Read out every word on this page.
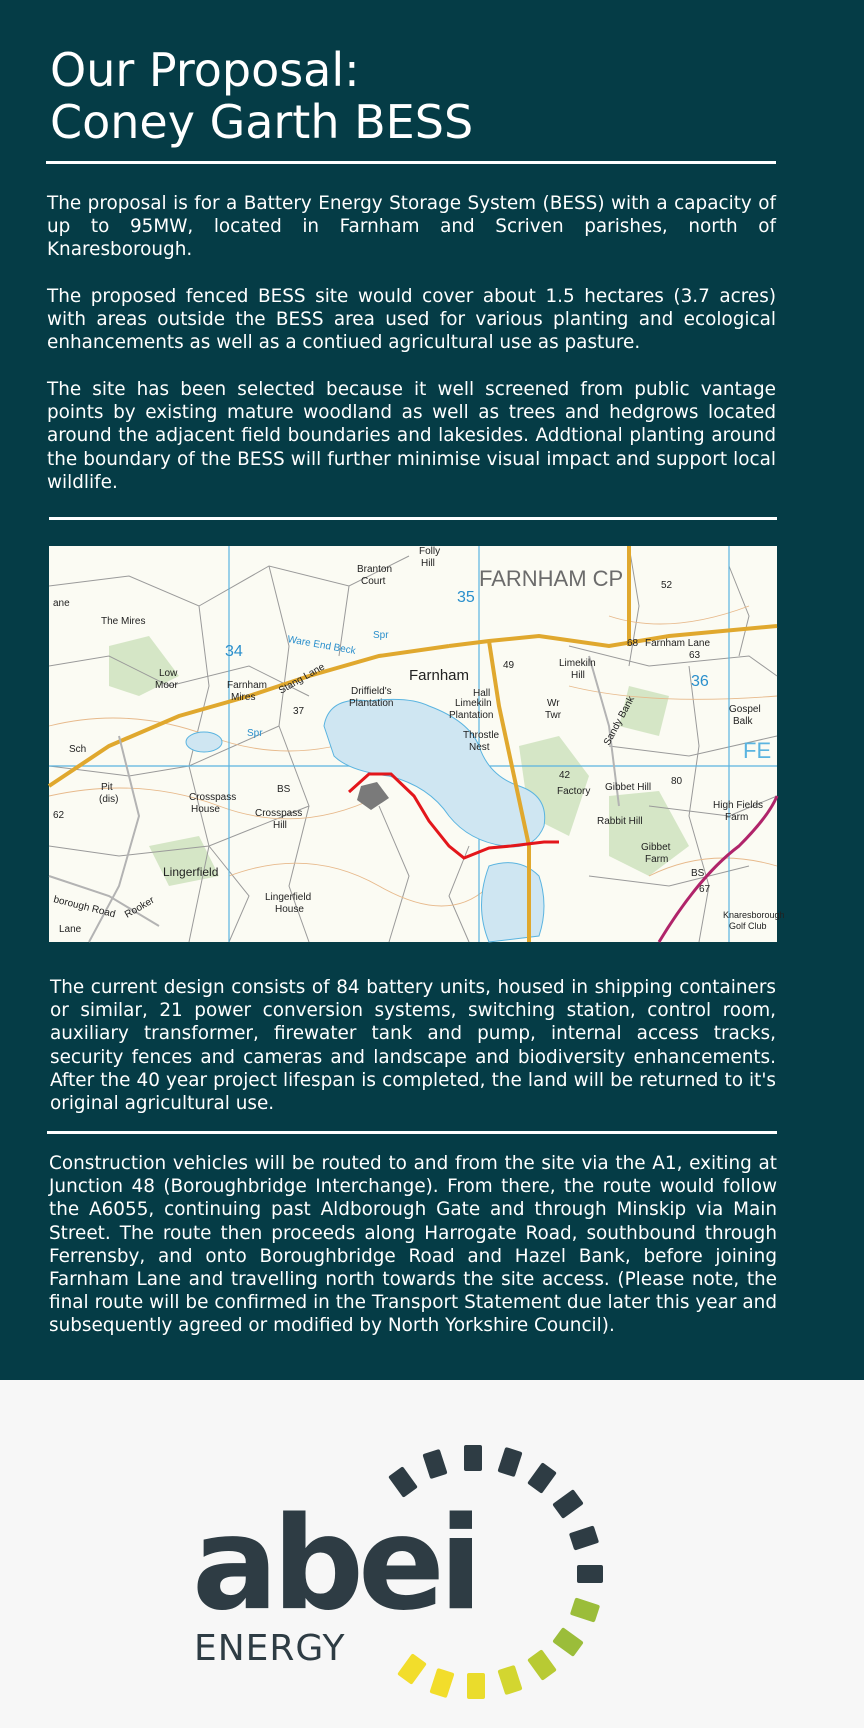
Our Proposal:
Coney Garth BESS

The proposal is for a Battery Energy Storage System (BESS) with a capacity of up to 95MW, located in Farnham and Scriven parishes, north of Knaresborough.

The proposed fenced BESS site would cover about 1.5 hectares (3.7 acres) with areas outside the BESS area used for various planting and ecological enhancements as well as a contiued agricultural use as pasture.

The site has been selected because it well screened from public vantage points by existing mature woodland as well as trees and hedgrows located around the adjacent field boundaries and lakesides. Addtional planting around the boundary of the BESS will further minimise visual impact and support local wildlife.

FARNHAM CP
Farnham
Hall
The Mires
Low
Moor	Farnham
Mires
Stang Lane
Ware End Beck
Driffield's
Plantation	Limekiln
Plantation
Throstle
Nest
Limekiln
Hill
Wr
Twr	Sandy Bank
68 Farnham Lane
63
52
49
42
Factory Gibbet Hill
80
Rabbit Hill
Gibbet
Farm
High Fields
Farm
Gospel
Balk
FE
Knaresborough
Golf Club
67
BS
Crosspass
House	Crosspass
Hill
BS
Lingerfield
Lingerfield
House
borough Road
Lane
Rooker
Pit
(dis)
Sch
ane
Spr
Spr
37
62
Branton
Court
Folly
Hill
35
34
36

The current design consists of 84 battery units, housed in shipping containers or similar, 21 power conversion systems, switching station, control room, auxiliary transformer, firewater tank and pump, internal access tracks, security fences and cameras and landscape and biodiversity enhancements. After the 40 year project lifespan is completed, the land will be returned to it's original agricultural use.

Construction vehicles will be routed to and from the site via the A1, exiting at Junction 48 (Boroughbridge Interchange). From there, the route would follow the A6055, continuing past Aldborough Gate and through Minskip via Main Street. The route then proceeds along Harrogate Road, southbound through Ferrensby, and onto Boroughbridge Road and Hazel Bank, before joining Farnham Lane and travelling north towards the site access. (Please note, the final route will be confirmed in the Transport Statement due later this year and subsequently agreed or modified by North Yorkshire Council).

abei
ENERGY
